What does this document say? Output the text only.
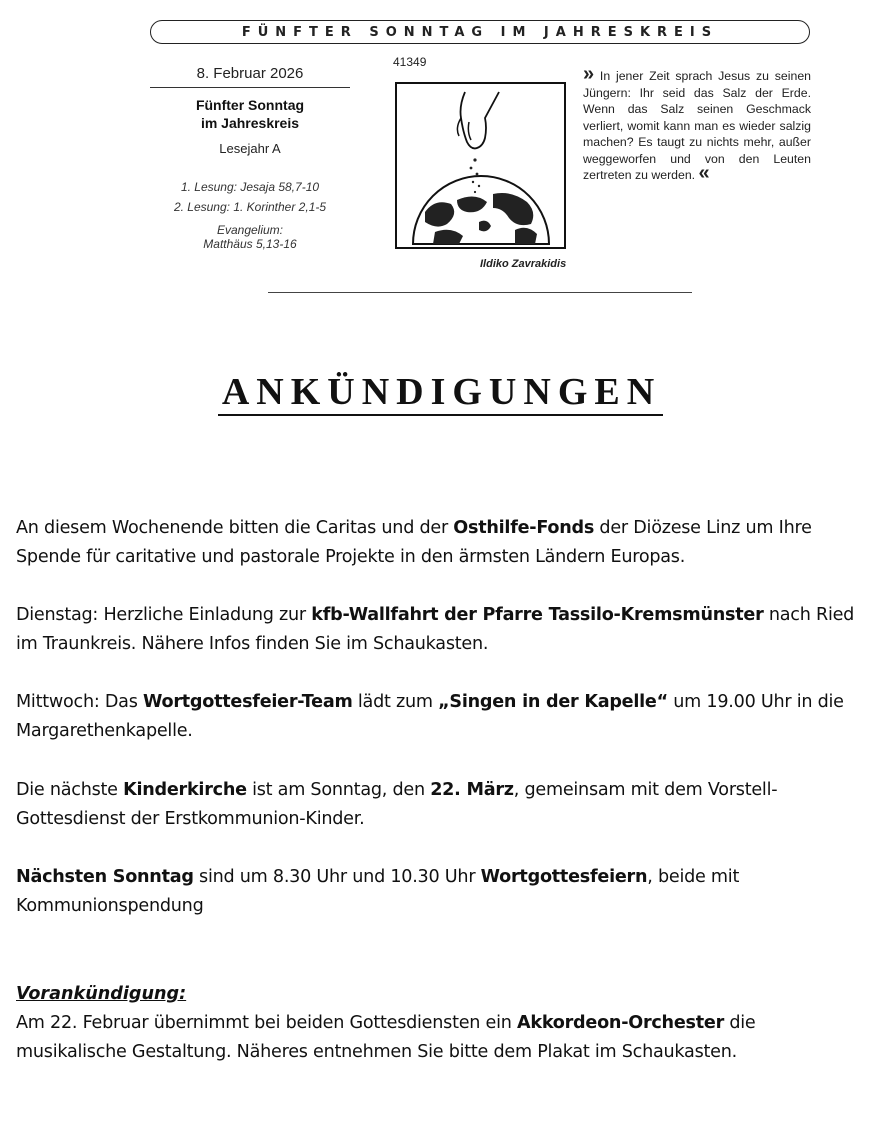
FÜNFTER SONNTAG IM JAHRESKREIS
8. Februar 2026
Fünfter Sonntag
im Jahreskreis
Lesejahr A
1. Lesung: Jesaja 58,7-10
2. Lesung: 1. Korinther 2,1-5
Evangelium:
Matthäus 5,13-16
41349
Ildiko Zavrakidis
» In jener Zeit sprach Jesus zu seinen Jüngern: Ihr seid das Salz der Erde. Wenn das Salz seinen Geschmack verliert, womit kann man es wieder salzig machen? Es taugt zu nichts mehr, außer weggeworfen und von den Leuten zertreten zu werden. «
ANKÜNDIGUNGEN

An diesem Wochenende bitten die Caritas und der Osthilfe-Fonds der Diözese Linz um Ihre Spende für caritative und pastorale Projekte in den ärmsten Ländern Europas.

Dienstag: Herzliche Einladung zur kfb-Wallfahrt der Pfarre Tassilo-Kremsmünster nach Ried im Traunkreis. Nähere Infos finden Sie im Schaukasten.

Mittwoch: Das Wortgottesfeier-Team lädt zum „Singen in der Kapelle“ um 19.00 Uhr in die Margarethenkapelle.

Die nächste Kinderkirche ist am Sonntag, den 22. März, gemeinsam mit dem Vorstell-Gottesdienst der Erstkommunion-Kinder.

Nächsten Sonntag sind um 8.30 Uhr und 10.30 Uhr Wortgottesfeiern, beide mit Kommunionspendung

Vorankündigung:

Am 22. Februar übernimmt bei beiden Gottesdiensten ein Akkordeon-Orchester die musikalische Gestaltung. Näheres entnehmen Sie bitte dem Plakat im Schaukasten.
